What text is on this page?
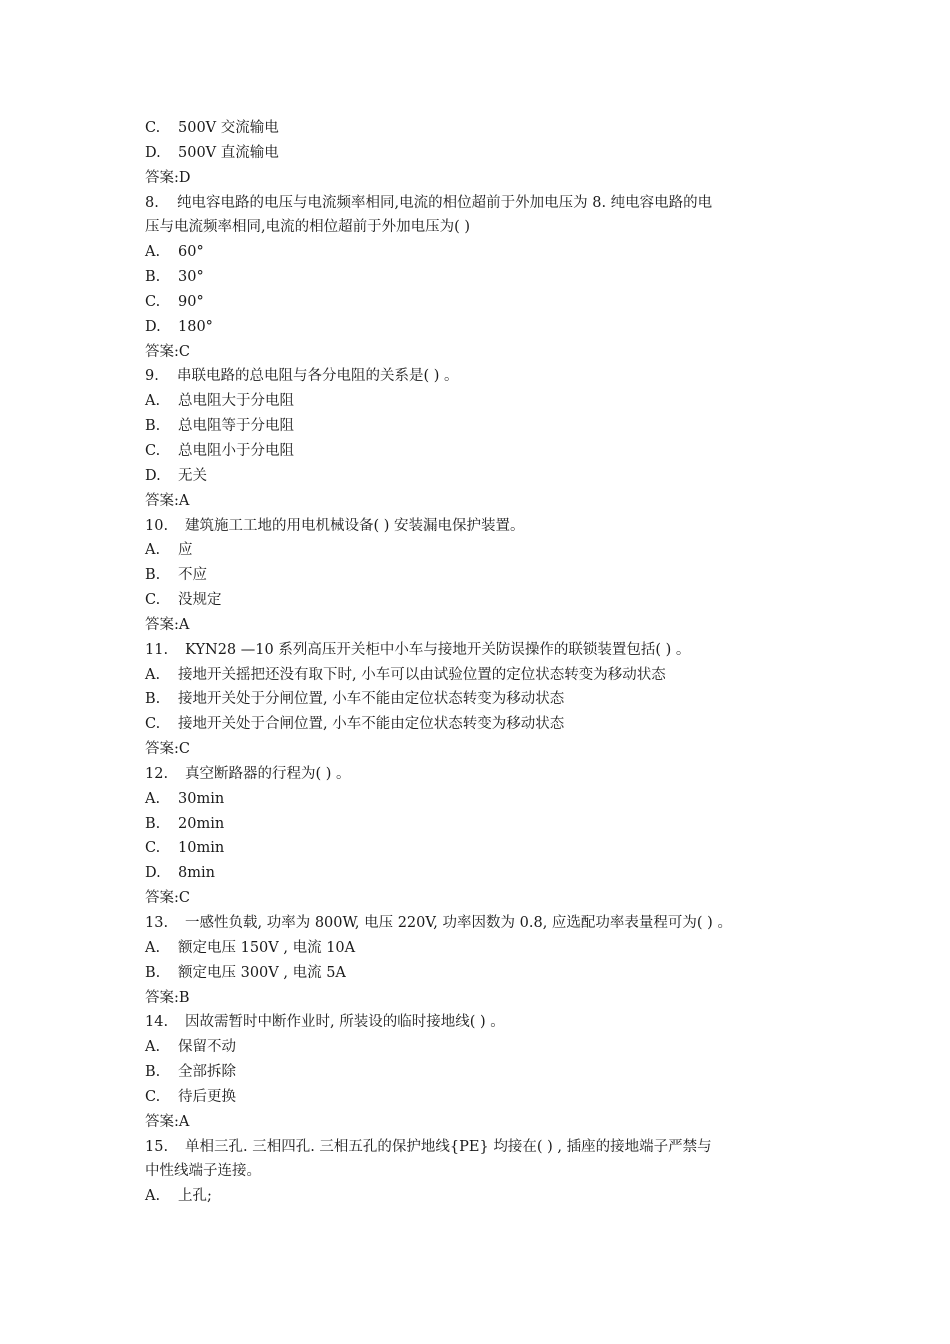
C. 500V 交流输电
D. 500V 直流输电
答案:D
8. 纯电容电路的电压与电流频率相同,电流的相位超前于外加电压为 8. 纯电容电路的电
压与电流频率相同,电流的相位超前于外加电压为( )
A. 60°
B. 30°
C. 90°
D. 180°
答案:C
9. 串联电路的总电阻与各分电阻的关系是( ) 。
A. 总电阻大于分电阻
B. 总电阻等于分电阻
C. 总电阻小于分电阻
D. 无关
答案:A
10. 建筑施工工地的用电机械设备( ) 安装漏电保护装置。
A. 应
B. 不应
C. 没规定
答案:A
11. KYN28 —10 系列高压开关柜中小车与接地开关防误操作的联锁装置包括( ) 。
A. 接地开关摇把还没有取下时, 小车可以由试验位置的定位状态转变为移动状态
B. 接地开关处于分闸位置, 小车不能由定位状态转变为移动状态
C. 接地开关处于合闸位置, 小车不能由定位状态转变为移动状态
答案:C
12. 真空断路器的行程为( ) 。
A. 30min
B. 20min
C. 10min
D. 8min
答案:C
13. 一感性负载, 功率为 800W, 电压 220V, 功率因数为 0.8, 应选配功率表量程可为( ) 。
A. 额定电压 150V , 电流 10A
B. 额定电压 300V , 电流 5A
答案:B
14. 因故需暂时中断作业时, 所装设的临时接地线( ) 。
A. 保留不动
B. 全部拆除
C. 待后更换
答案:A
15. 单相三孔. 三相四孔. 三相五孔的保护地线{PE} 均接在( ) , 插座的接地端子严禁与
中性线端子连接。
A. 上孔;
